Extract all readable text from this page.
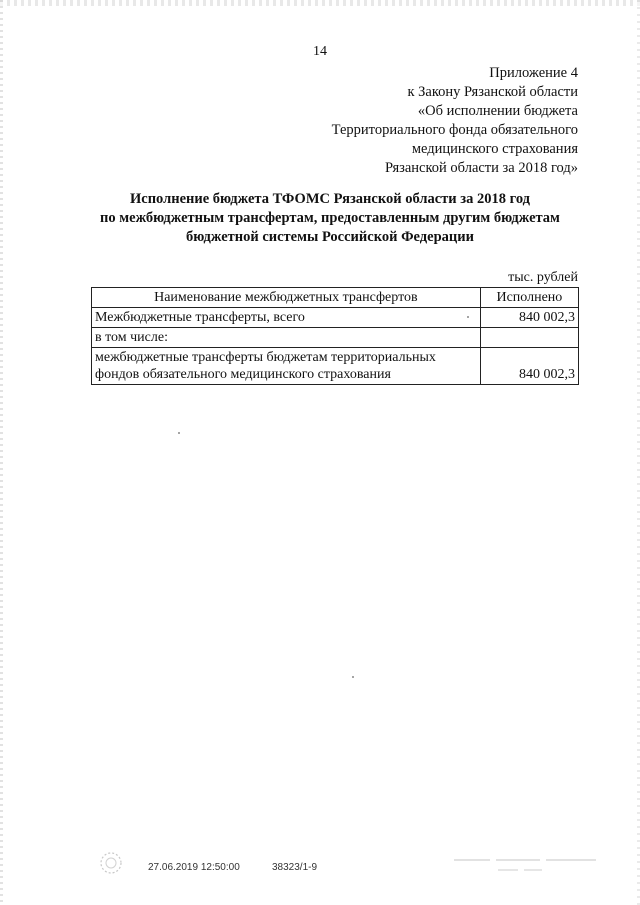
14
Приложение 4
к Закону Рязанской области
«Об исполнении бюджета
Территориального фонда обязательного
медицинского страхования
Рязанской области за 2018 год»
Исполнение бюджета ТФОМС Рязанской области за 2018 год
по межбюджетным трансфертам, предоставленным другим бюджетам
бюджетной системы Российской Федерации
тыс. рублей
Наименование межбюджетных трансфертов	Исполнено
Межбюджетные трансферты, всего	840 002,3
в том числе:	
межбюджетные трансферты бюджетам территориальных фондов обязательного медицинского страхования	840 002,3
27.06.2019 12:50:00	38323/1-9
